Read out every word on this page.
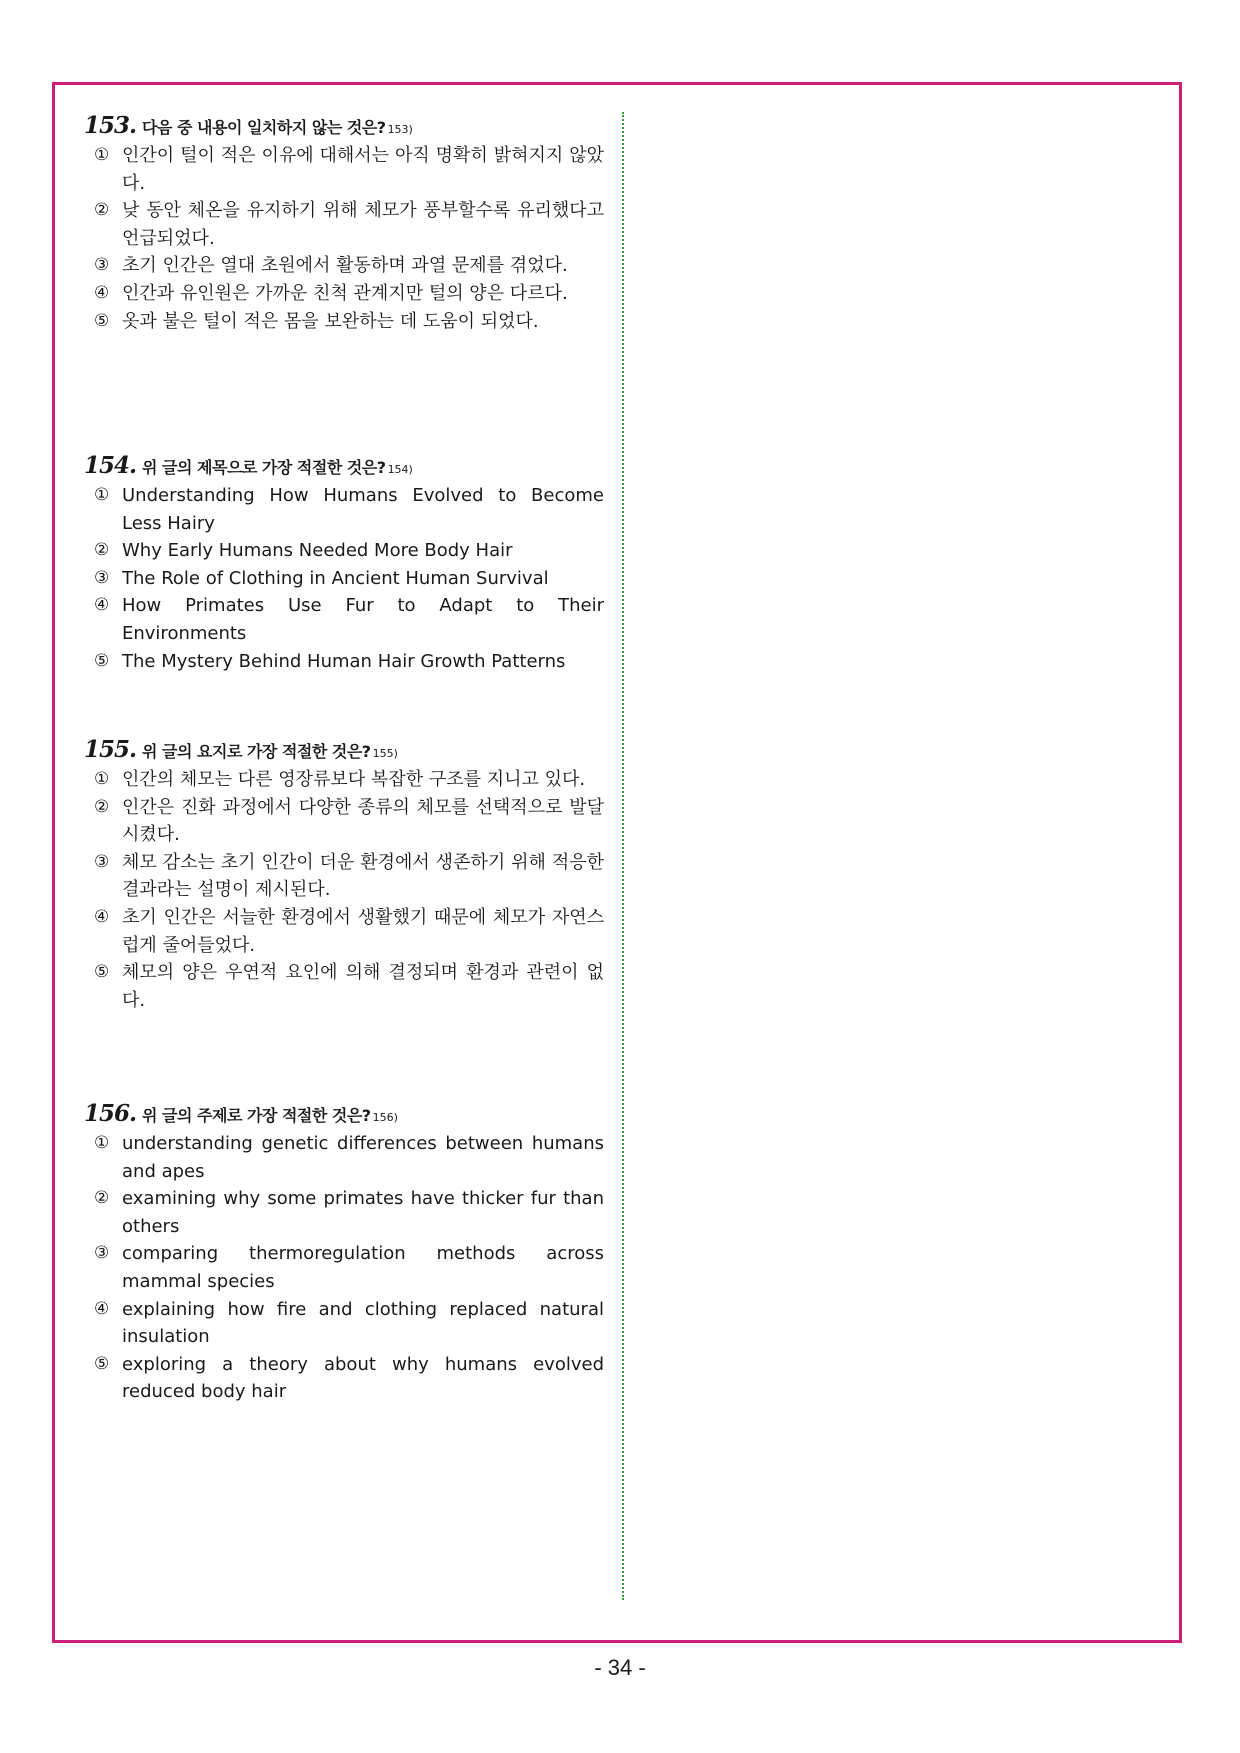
153. 다음 중 내용이 일치하지 않는 것은? 153)
① 인간이 털이 적은 이유에 대해서는 아직 명확히 밝혀지지 않았다.
② 낮 동안 체온을 유지하기 위해 체모가 풍부할수록 유리했다고 언급되었다.
③ 초기 인간은 열대 초원에서 활동하며 과열 문제를 겪었다.
④ 인간과 유인원은 가까운 친척 관계지만 털의 양은 다르다.
⑤ 옷과 불은 털이 적은 몸을 보완하는 데 도움이 되었다.
154. 위 글의 제목으로 가장 적절한 것은? 154)
① Understanding How Humans Evolved to Become Less Hairy
② Why Early Humans Needed More Body Hair
③ The Role of Clothing in Ancient Human Survival
④ How Primates Use Fur to Adapt to Their Environments
⑤ The Mystery Behind Human Hair Growth Patterns
155. 위 글의 요지로 가장 적절한 것은? 155)
① 인간의 체모는 다른 영장류보다 복잡한 구조를 지니고 있다.
② 인간은 진화 과정에서 다양한 종류의 체모를 선택적으로 발달시켰다.
③ 체모 감소는 초기 인간이 더운 환경에서 생존하기 위해 적응한 결과라는 설명이 제시된다.
④ 초기 인간은 서늘한 환경에서 생활했기 때문에 체모가 자연스럽게 줄어들었다.
⑤ 체모의 양은 우연적 요인에 의해 결정되며 환경과 관련이 없다.
156. 위 글의 주제로 가장 적절한 것은? 156)
① understanding genetic differences between humans and apes
② examining why some primates have thicker fur than others
③ comparing thermoregulation methods across mammal species
④ explaining how fire and clothing replaced natural insulation
⑤ exploring a theory about why humans evolved reduced body hair
- 34 -
